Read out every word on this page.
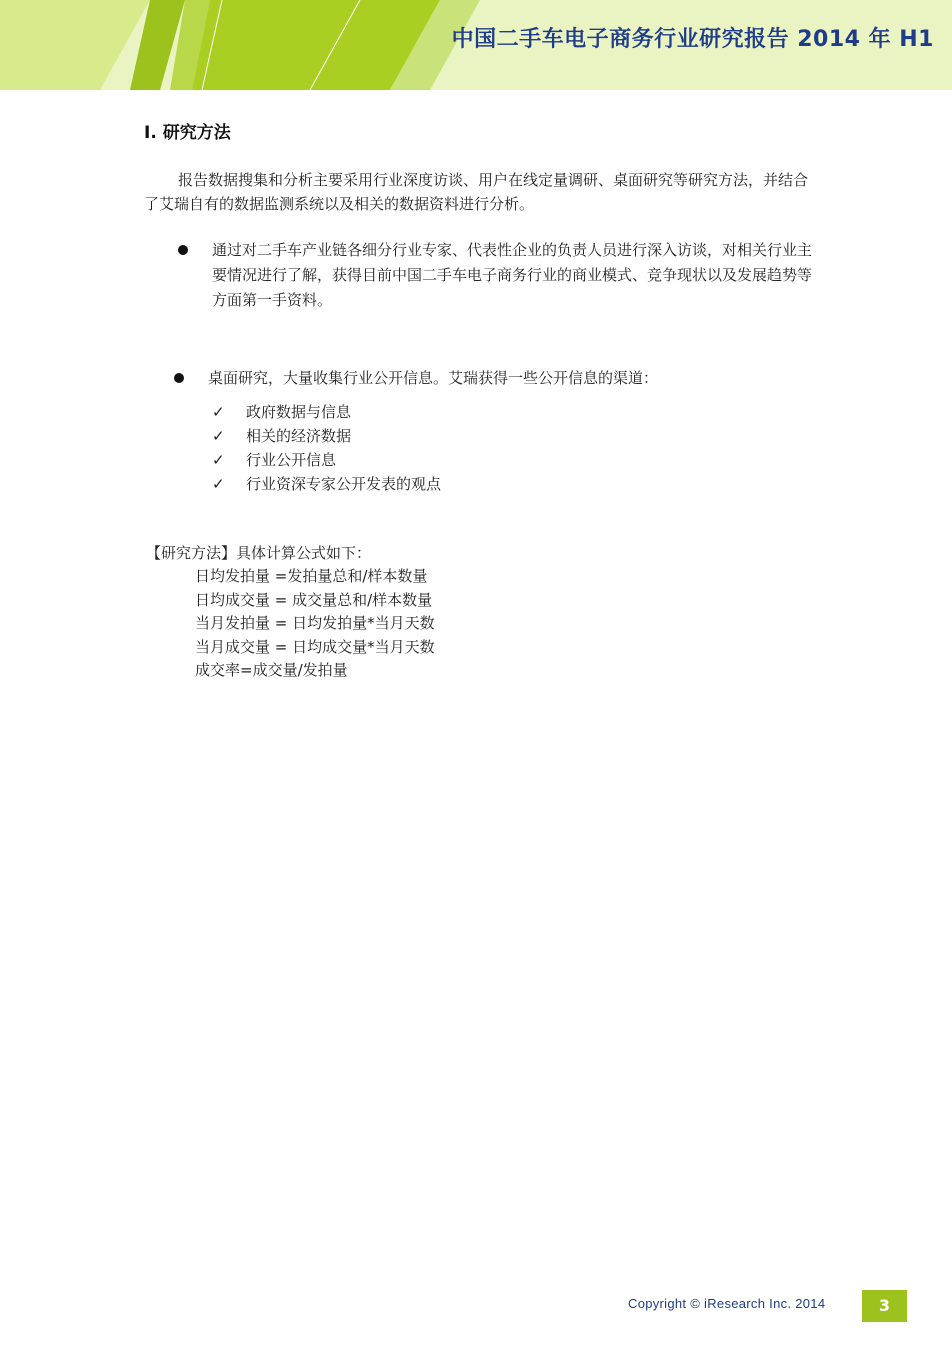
中国二手车电子商务行业研究报告 2014 年 H1
I. 研究方法
报告数据搜集和分析主要采用行业深度访谈、用户在线定量调研、桌面研究等研究方法，并结合了艾瑞自有的数据监测系统以及相关的数据资料进行分析。
通过对二手车产业链各细分行业专家、代表性企业的负责人员进行深入访谈，对相关行业主要情况进行了解，获得目前中国二手车电子商务行业的商业模式、竞争现状以及发展趋势等方面第一手资料。
桌面研究，大量收集行业公开信息。艾瑞获得一些公开信息的渠道：
✓ 政府数据与信息
✓ 相关的经济数据
✓ 行业公开信息
✓ 行业资深专家公开发表的观点
【研究方法】具体计算公式如下：
日均发拍量 =发拍量总和/样本数量
日均成交量 = 成交量总和/样本数量
当月发拍量 = 日均发拍量*当月天数
当月成交量 = 日均成交量*当月天数
成交率=成交量/发拍量
Copyright © iResearch Inc. 2014	3
